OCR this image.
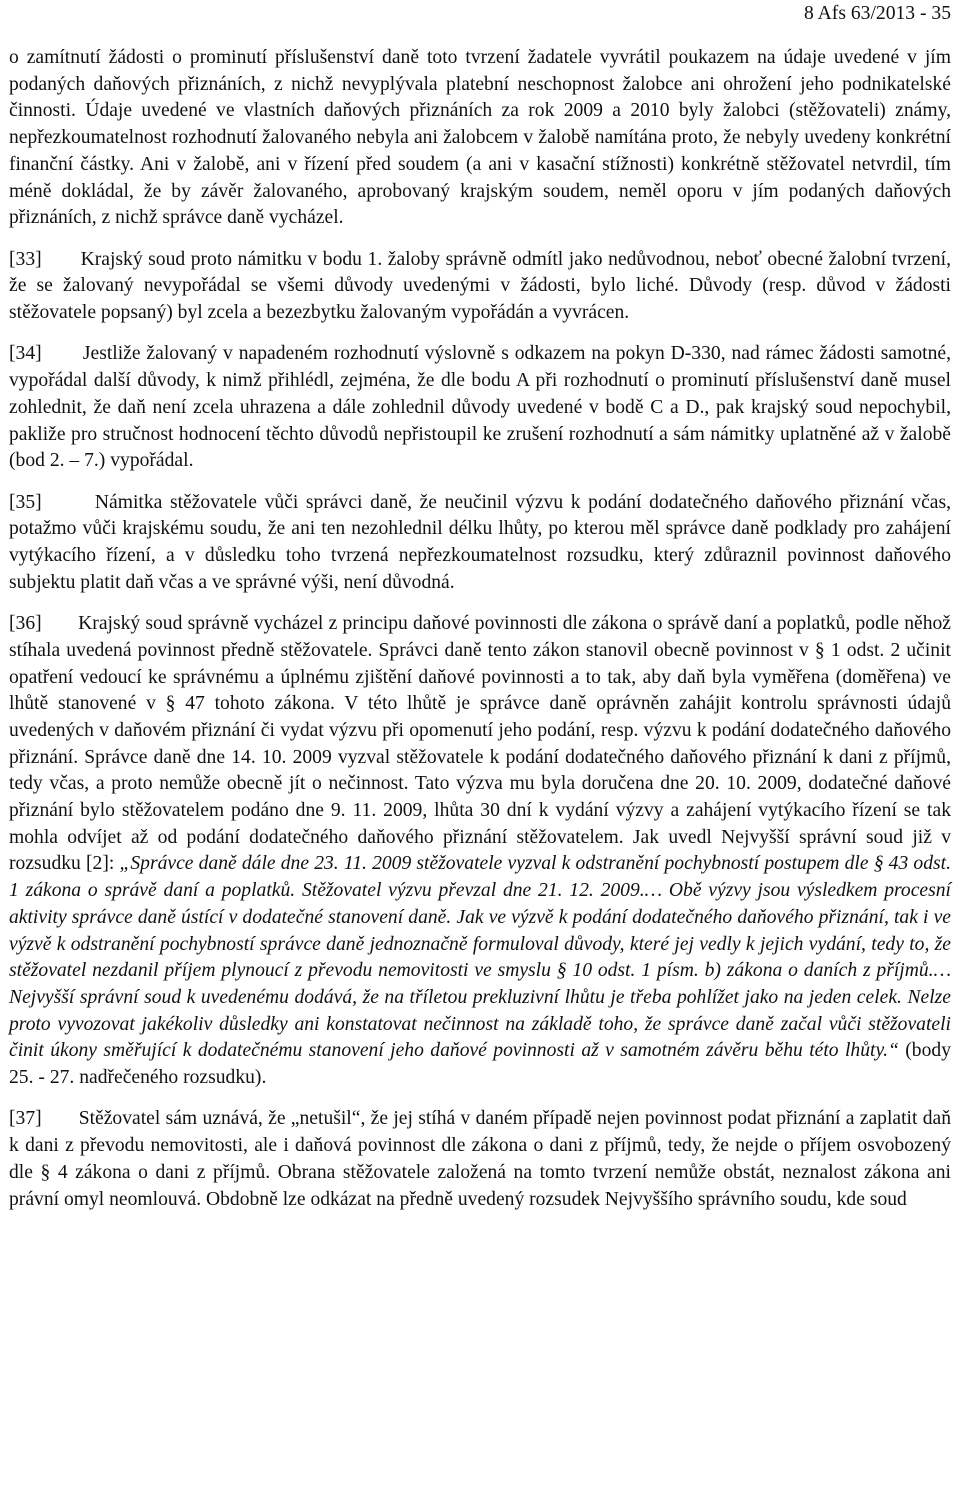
8 Afs 63/2013 - 35

o zamítnutí žádosti o prominutí příslušenství daně toto tvrzení žadatele vyvrátil poukazem na údaje uvedené v jím podaných daňových přiznáních, z nichž nevyplývala platební neschopnost žalobce ani ohrožení jeho podnikatelské činnosti. Údaje uvedené ve vlastních daňových přiznáních za rok 2009 a 2010 byly žalobci (stěžovateli) známy, nepřezkoumatelnost rozhodnutí žalovaného nebyla ani žalobcem v žalobě namítána proto, že nebyly uvedeny konkrétní finanční částky. Ani v žalobě, ani v řízení před soudem (a ani v kasační stížnosti) konkrétně stěžovatel netvrdil, tím méně dokládal, že by závěr žalovaného, aprobovaný krajským soudem, neměl oporu v jím podaných daňových přiznáních, z nichž správce daně vycházel.

[33] Krajský soud proto námitku v bodu 1. žaloby správně odmítl jako nedůvodnou, neboť obecné žalobní tvrzení, že se žalovaný nevypořádal se všemi důvody uvedenými v žádosti, bylo liché. Důvody (resp. důvod v žádosti stěžovatele popsaný) byl zcela a bezezbytku žalovaným vypořádán a vyvrácen.

[34] Jestliže žalovaný v napadeném rozhodnutí výslovně s odkazem na pokyn D-330, nad rámec žádosti samotné, vypořádal další důvody, k nimž přihlédl, zejména, že dle bodu A při rozhodnutí o prominutí příslušenství daně musel zohlednit, že daň není zcela uhrazena a dále zohlednil důvody uvedené v bodě C a D., pak krajský soud nepochybil, pakliže pro stručnost hodnocení těchto důvodů nepřistoupil ke zrušení rozhodnutí a sám námitky uplatněné až v žalobě (bod 2. – 7.) vypořádal.

[35]	Námitka stěžovatele vůči správci daně, že neučinil výzvu k podání dodatečného daňového přiznání včas, potažmo vůči krajskému soudu, že ani ten nezohlednil délku lhůty, po kterou měl správce daně podklady pro zahájení vytýkacího řízení, a v důsledku toho tvrzená nepřezkoumatelnost rozsudku, který zdůraznil povinnost daňového subjektu platit daň včas a ve správné výši, není důvodná.

[36] Krajský soud správně vycházel z principu daňové povinnosti dle zákona o správě daní a poplatků, podle něhož stíhala uvedená povinnost předně stěžovatele. Správci daně tento zákon stanovil obecně povinnost v § 1 odst. 2 učinit opatření vedoucí ke správnému a úplnému zjištění daňové povinnosti a to tak, aby daň byla vyměřena (doměřena) ve lhůtě stanovené v § 47 tohoto zákona. V této lhůtě je správce daně oprávněn zahájit kontrolu správnosti údajů uvedených v daňovém přiznání či vydat výzvu při opomenutí jeho podání, resp. výzvu k podání dodatečného daňového přiznání. Správce daně dne 14. 10. 2009 vyzval stěžovatele k podání dodatečného daňového přiznání k dani z příjmů, tedy včas, a proto nemůže obecně jít o nečinnost. Tato výzva mu byla doručena dne 20. 10. 2009, dodatečné daňové přiznání bylo stěžovatelem podáno dne 9. 11. 2009, lhůta 30 dní k vydání výzvy a zahájení vytýkacího řízení se tak mohla odvíjet až od podání dodatečného daňového přiznání stěžovatelem. Jak uvedl Nejvyšší správní soud již v rozsudku [2]: „Správce daně dále dne 23. 11. 2009 stěžovatele vyzval k odstranění pochybností postupem dle § 43 odst. 1 zákona o správě daní a poplatků. Stěžovatel výzvu převzal dne 21. 12. 2009.… Obě výzvy jsou výsledkem procesní aktivity správce daně ústící v dodatečné stanovení daně. Jak ve výzvě k podání dodatečného daňového přiznání, tak i ve výzvě k odstranění pochybností správce daně jednoznačně formuloval důvody, které jej vedly k jejich vydání, tedy to, že stěžovatel nezdanil příjem plynoucí z převodu nemovitosti ve smyslu § 10 odst. 1 písm. b) zákona o daních z příjmů.… Nejvyšší správní soud k uvedenému dodává, že na tříletou prekluzivní lhůtu je třeba pohlížet jako na jeden celek. Nelze proto vyvozovat jakékoliv důsledky ani konstatovat nečinnost na základě toho, že správce daně začal vůči stěžovateli činit úkony směřující k dodatečnému stanovení jeho daňové povinnosti až v samotném závěru běhu této lhůty.“ (body 25. - 27. nadřečeného rozsudku).

[37] Stěžovatel sám uznává, že „netušil“, že jej stíhá v daném případě nejen povinnost podat přiznání a zaplatit daň k dani z převodu nemovitosti, ale i daňová povinnost dle zákona o dani z příjmů, tedy, že nejde o příjem osvobozený dle § 4 zákona o dani z příjmů. Obrana stěžovatele založená na tomto tvrzení nemůže obstát, neznalost zákona ani právní omyl neomlouvá. Obdobně lze odkázat na předně uvedený rozsudek Nejvyššího správního soudu, kde soud
